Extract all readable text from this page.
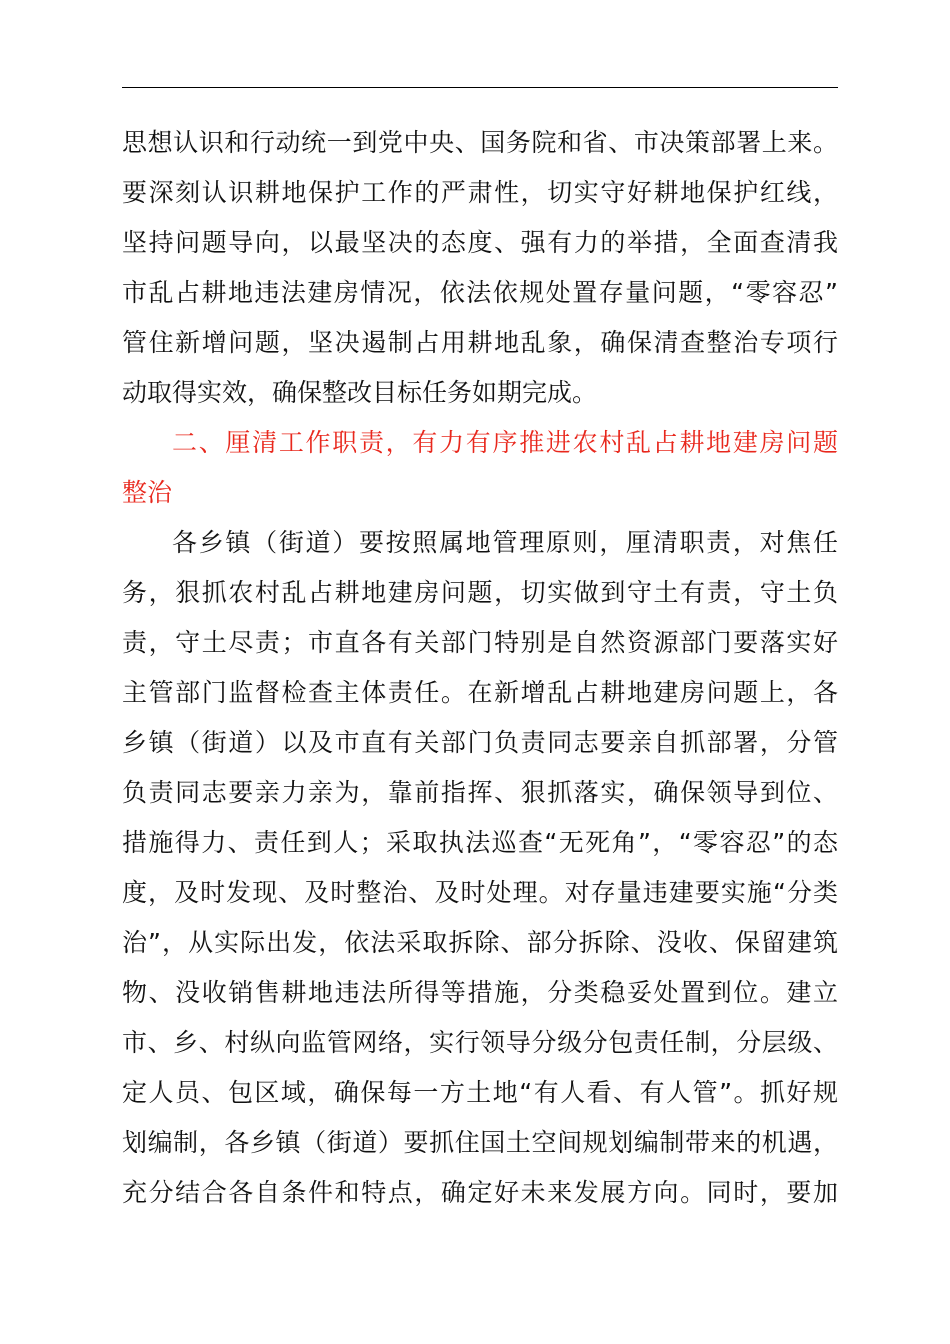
思想认识和行动统一到党中央、国务院和省、市决策部署上来。
要深刻认识耕地保护工作的严肃性，切实守好耕地保护红线，
坚持问题导向，以最坚决的态度、强有力的举措，全面查清我
市乱占耕地违法建房情况，依法依规处置存量问题，“零容忍”
管住新增问题，坚决遏制占用耕地乱象，确保清查整治专项行
动取得实效，确保整改目标任务如期完成。
二、厘清工作职责，有力有序推进农村乱占耕地建房问题
整治
各乡镇（街道）要按照属地管理原则，厘清职责，对焦任
务，狠抓农村乱占耕地建房问题，切实做到守土有责，守土负
责，守土尽责；市直各有关部门特别是自然资源部门要落实好
主管部门监督检查主体责任。在新增乱占耕地建房问题上，各
乡镇（街道）以及市直有关部门负责同志要亲自抓部署，分管
负责同志要亲力亲为，靠前指挥、狠抓落实，确保领导到位、
措施得力、责任到人；采取执法巡查“无死角”，“零容忍”的态
度，及时发现、及时整治、及时处理。对存量违建要实施“分类
治”，从实际出发，依法采取拆除、部分拆除、没收、保留建筑
物、没收销售耕地违法所得等措施，分类稳妥处置到位。建立
市、乡、村纵向监管网络，实行领导分级分包责任制，分层级、
定人员、包区域，确保每一方土地“有人看、有人管”。抓好规
划编制，各乡镇（街道）要抓住国土空间规划编制带来的机遇，
充分结合各自条件和特点，确定好未来发展方向。同时，要加
